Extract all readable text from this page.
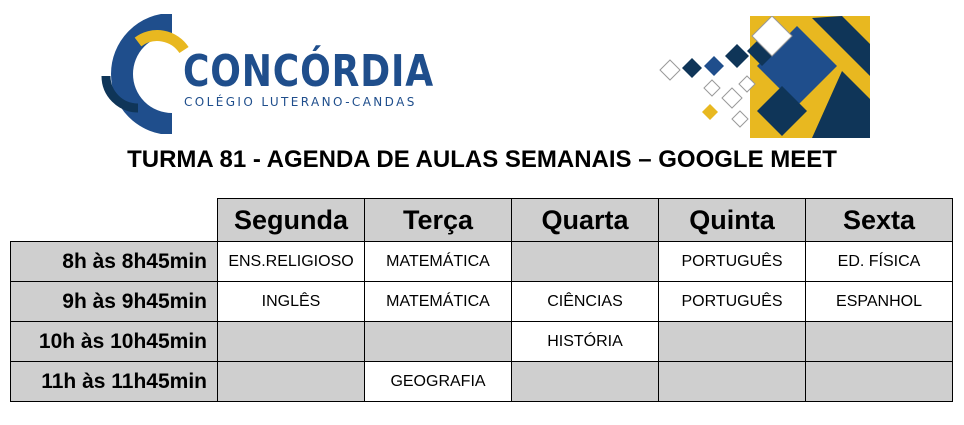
CONCÓRDIA
COLÉGIO LUTERANO-CANDAS
TURMA 81 - AGENDA DE AULAS SEMANAIS – GOOGLE MEET
	Segunda	Terça	Quarta	Quinta	Sexta
8h às 8h45min	ENS.RELIGIOSO	MATEMÁTICA		PORTUGUÊS	ED. FÍSICA
9h às 9h45min	INGLÊS	MATEMÁTICA	CIÊNCIAS	PORTUGUÊS	ESPANHOL
10h às 10h45min			HISTÓRIA		
11h às 11h45min		GEOGRAFIA			
